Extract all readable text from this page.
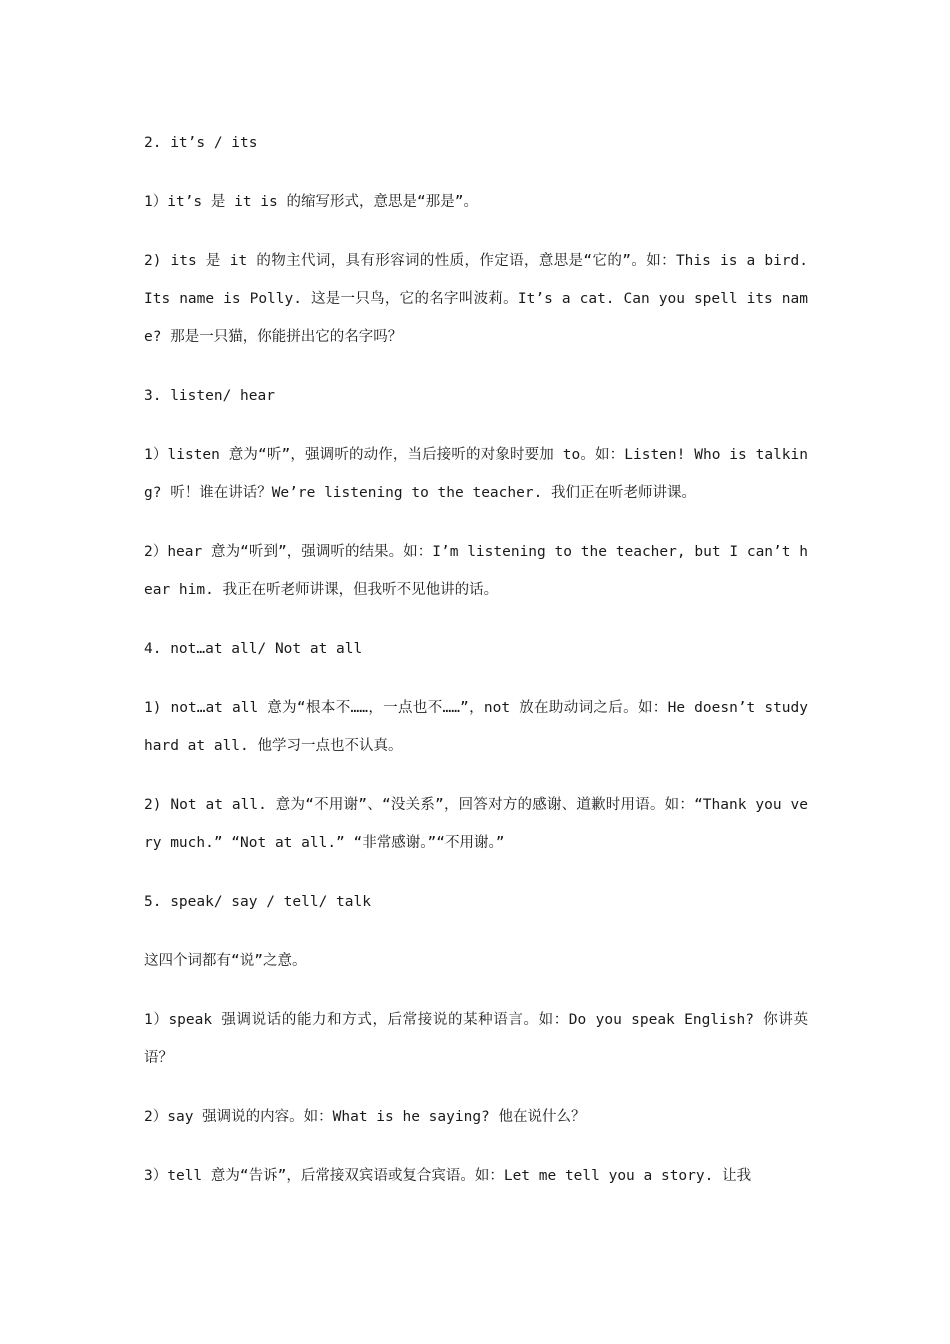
2. it’s / its

1）it’s 是 it is 的缩写形式，意思是“那是”。

2) its 是 it 的物主代词，具有形容词的性质，作定语，意思是“它的”。如：This is a bird. Its name is Polly. 这是一只鸟，它的名字叫波莉。It’s a cat. Can you spell its name? 那是一只猫，你能拼出它的名字吗？

3. listen/ hear

1）listen 意为“听”，强调听的动作，当后接听的对象时要加 to。如：Listen! Who is talking? 听！谁在讲话？We’re listening to the teacher. 我们正在听老师讲课。

2）hear 意为“听到”，强调听的结果。如：I’m listening to the teacher, but I can’t hear him. 我正在听老师讲课，但我听不见他讲的话。

4. not…at all/ Not at all

1) not…at all 意为“根本不……，一点也不……”，not 放在助动词之后。如：He doesn’t study hard at all. 他学习一点也不认真。

2) Not at all. 意为“不用谢”、“没关系”，回答对方的感谢、道歉时用语。如：“Thank you very much.” “Not at all.” “非常感谢。”“不用谢。”

5. speak/ say / tell/ talk

这四个词都有“说”之意。

1）speak 强调说话的能力和方式，后常接说的某种语言。如：Do you speak English? 你讲英语？

2）say 强调说的内容。如：What is he saying? 他在说什么？

3）tell 意为“告诉”，后常接双宾语或复合宾语。如：Let me tell you a story. 让我
